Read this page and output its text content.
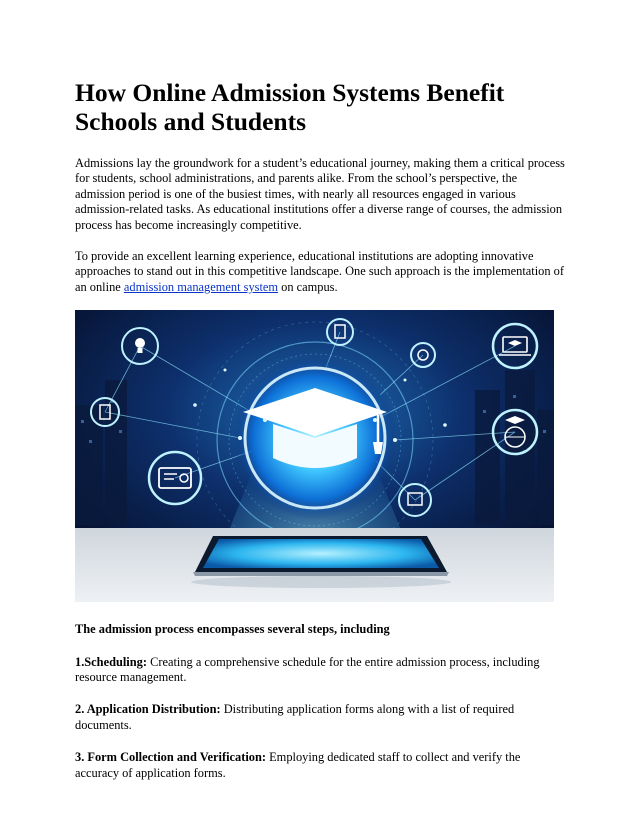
How Online Admission Systems Benefit Schools and Students

Admissions lay the groundwork for a student’s educational journey, making them a critical process for students, school administrations, and parents alike. From the school’s perspective, the admission period is one of the busiest times, with nearly all resources engaged in various admission-related tasks. As educational institutions offer a diverse range of courses, the admission process has become increasingly competitive.

To provide an excellent learning experience, educational institutions are adopting innovative approaches to stand out in this competitive landscape. One such approach is the implementation of an online admission management system on campus.

The admission process encompasses several steps, including

1.Scheduling: Creating a comprehensive schedule for the entire admission process, including resource management.

2. Application Distribution: Distributing application forms along with a list of required documents.

3. Form Collection and Verification: Employing dedicated staff to collect and verify the accuracy of application forms.
